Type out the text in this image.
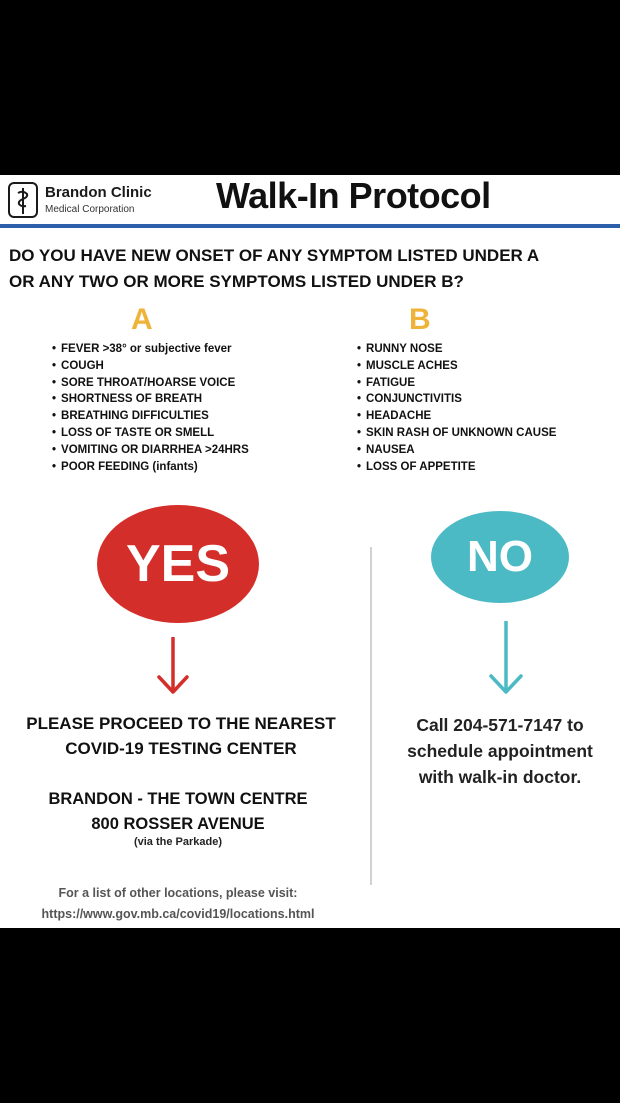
Brandon Clinic
Medical Corporation Walk-In Protocol
DO YOU HAVE NEW ONSET OF ANY SYMPTOM LISTED UNDER A
OR ANY TWO OR MORE SYMPTOMS LISTED UNDER B?
A	B
• FEVER >38° or subjective fever
• COUGH
• SORE THROAT/HOARSE VOICE
• SHORTNESS OF BREATH
• BREATHING DIFFICULTIES
• LOSS OF TASTE OR SMELL
• VOMITING OR DIARRHEA >24HRS
• POOR FEEDING (infants)
• RUNNY NOSE
• MUSCLE ACHES
• FATIGUE
• CONJUNCTIVITIS
• HEADACHE
• SKIN RASH OF UNKNOWN CAUSE
• NAUSEA
• LOSS OF APPETITE
YES	NO
PLEASE PROCEED TO THE NEAREST
COVID-19 TESTING CENTER
BRANDON - THE TOWN CENTRE
800 ROSSER AVENUE
(via the Parkade)
Call 204-571-7147 to
schedule appointment
with walk-in doctor.
For a list of other locations, please visit:
https://www.gov.mb.ca/covid19/locations.html
